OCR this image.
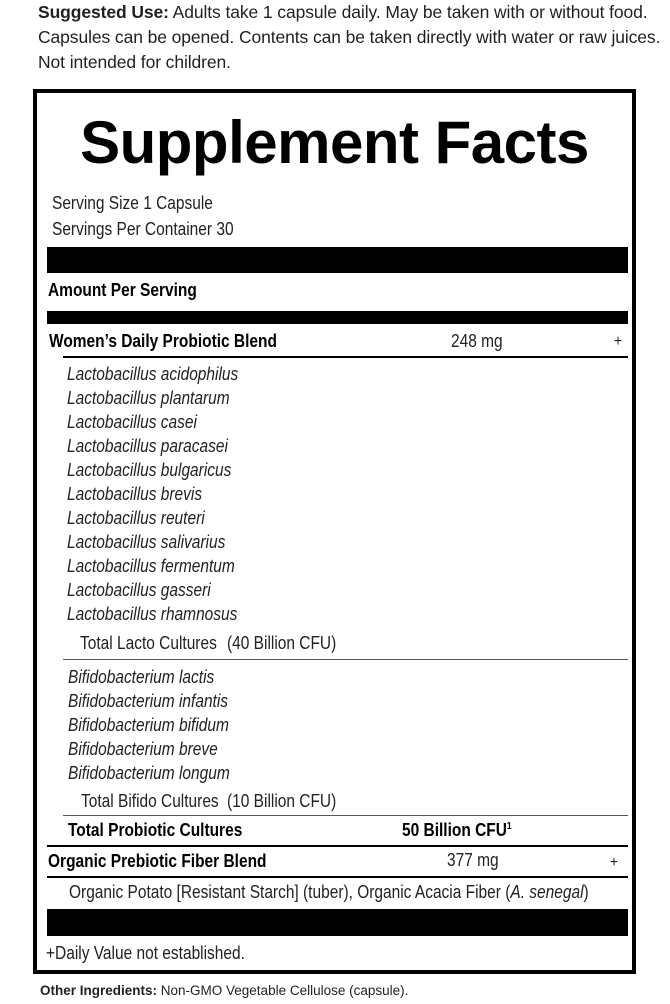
Suggested Use: Adults take 1 capsule daily. May be taken with or without food. Capsules can be opened. Contents can be taken directly with water or raw juices. Not intended for children.
Supplement Facts
Serving Size 1 Capsule
Servings Per Container 30
Amount Per Serving
Women’s Daily Probiotic Blend	248 mg	+
Lactobacillus acidophilus
Lactobacillus plantarum
Lactobacillus casei
Lactobacillus paracasei
Lactobacillus bulgaricus
Lactobacillus brevis
Lactobacillus reuteri
Lactobacillus salivarius
Lactobacillus fermentum
Lactobacillus gasseri
Lactobacillus rhamnosus
Total Lacto Cultures (40 Billion CFU)
Bifidobacterium lactis
Bifidobacterium infantis
Bifidobacterium bifidum
Bifidobacterium breve
Bifidobacterium longum
Total Bifido Cultures (10 Billion CFU)
Total Probiotic Cultures	50 Billion CFU$^1$
Organic Prebiotic Fiber Blend	377 mg	+
Organic Potato [Resistant Starch] (tuber), Organic Acacia Fiber (A. senegal)
+Daily Value not established.
Other Ingredients: Non-GMO Vegetable Cellulose (capsule).
